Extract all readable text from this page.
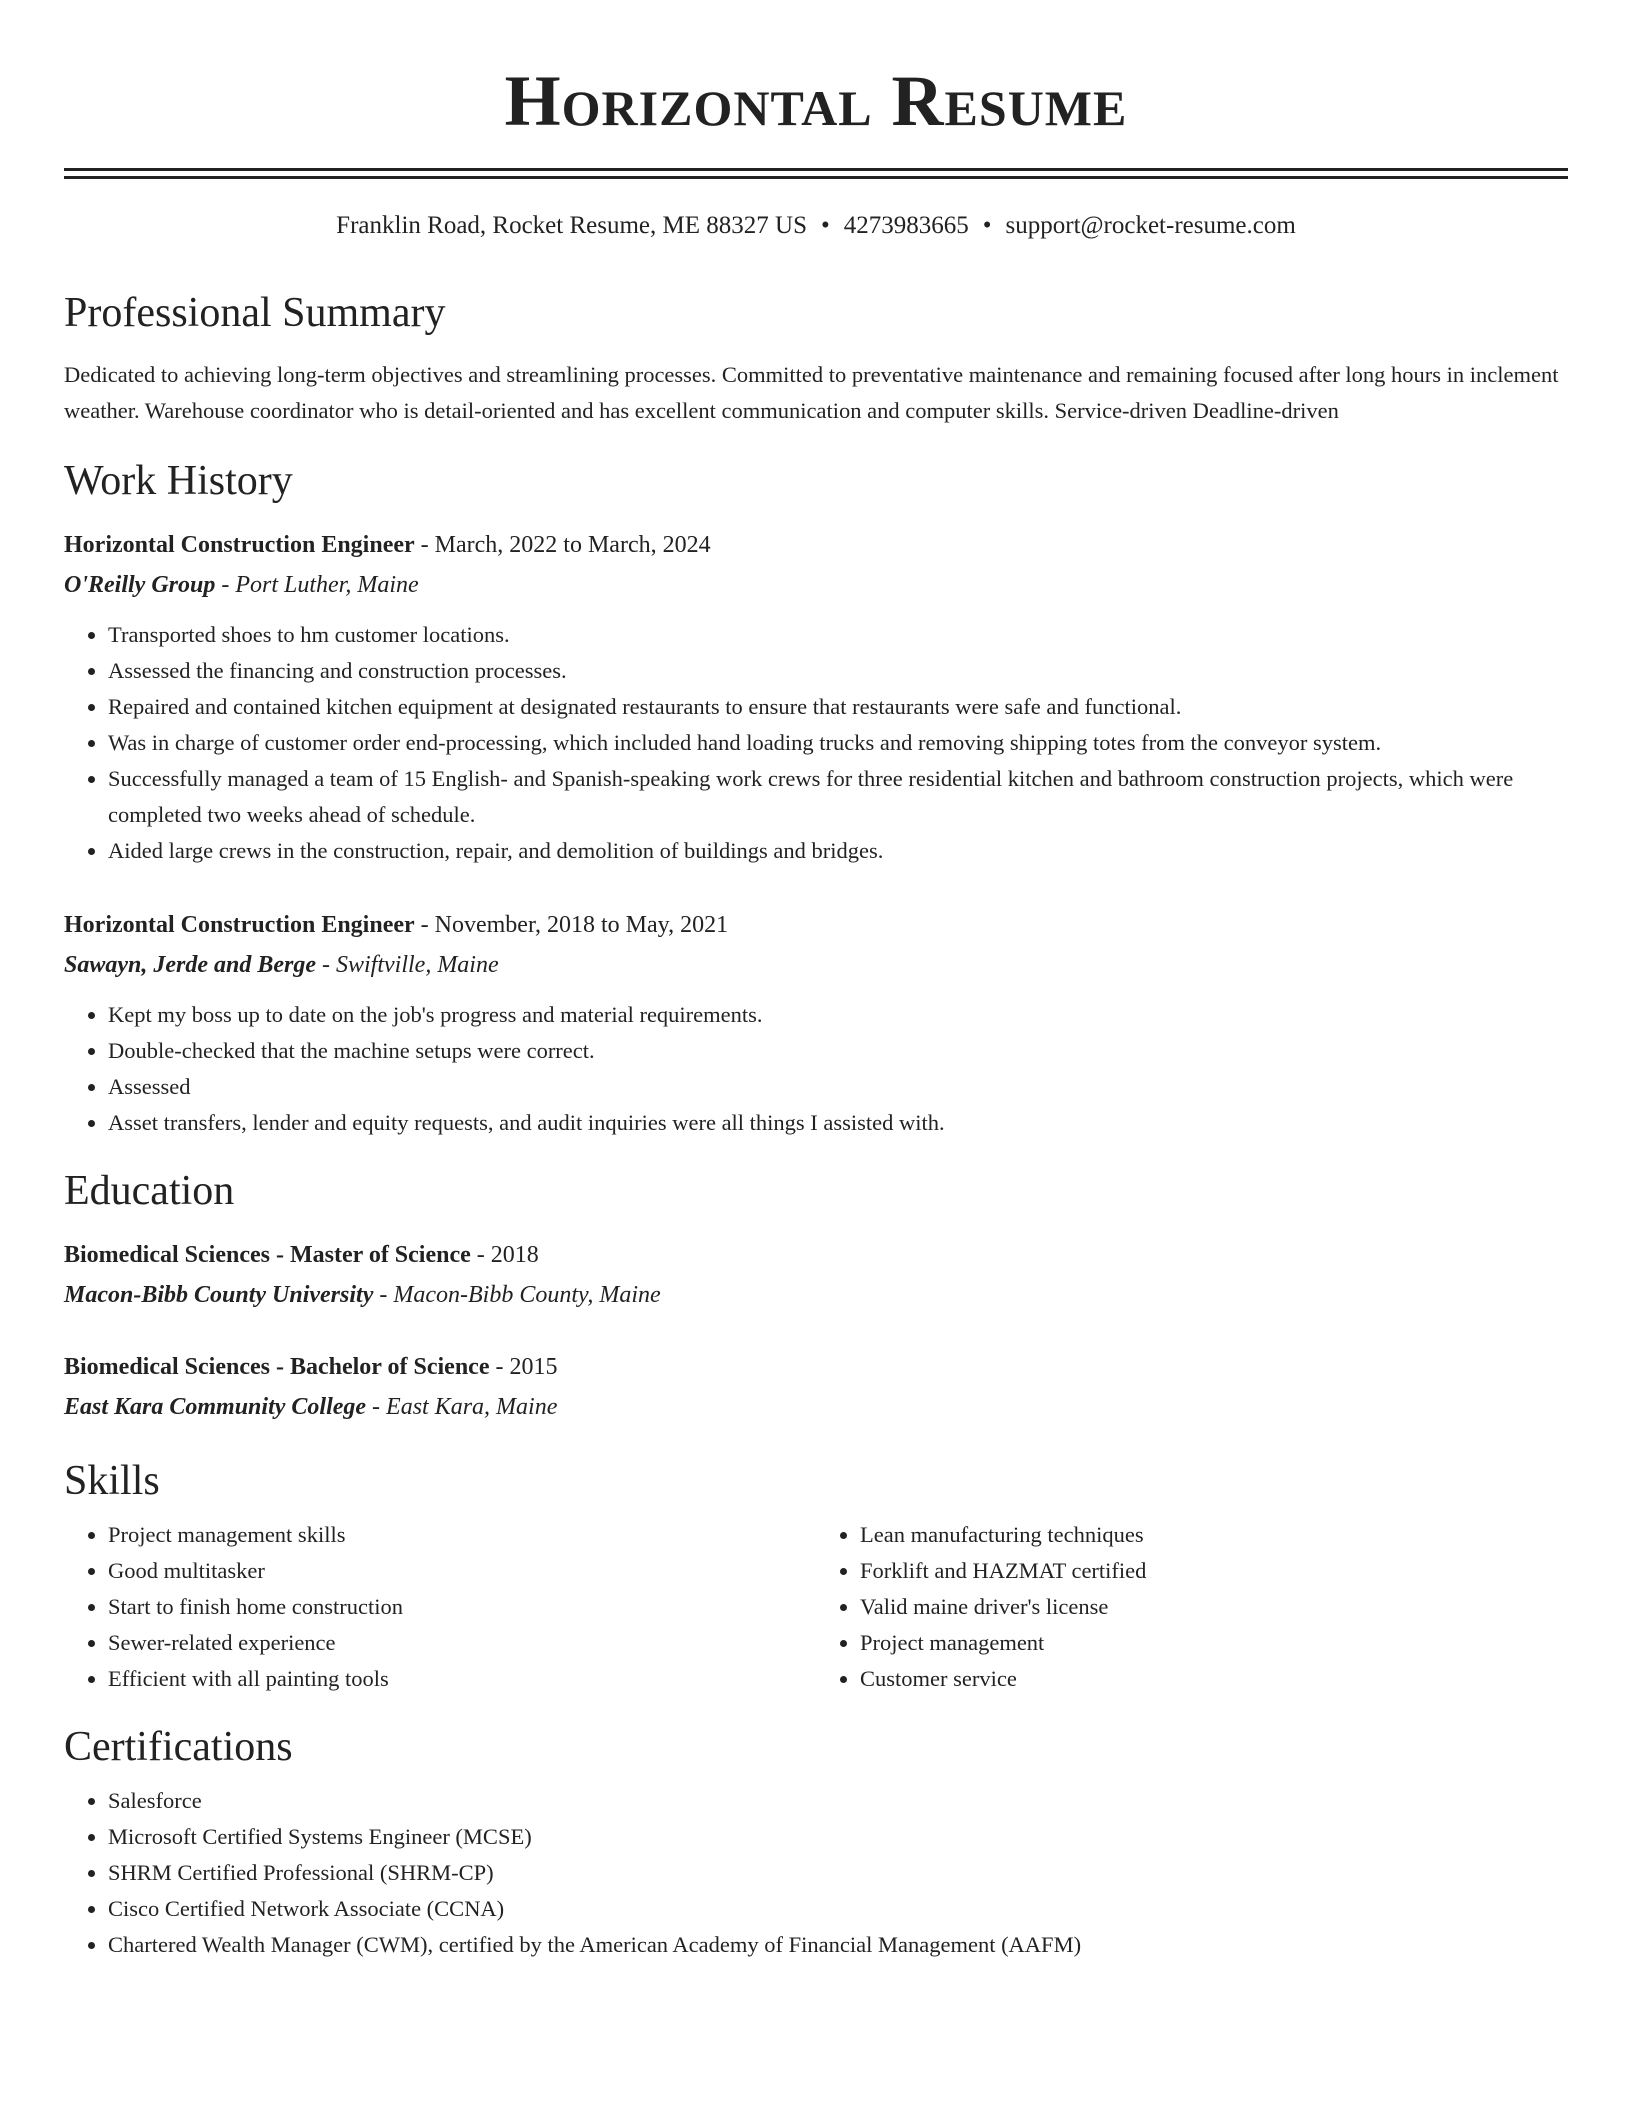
Horizontal Resume
Franklin Road, Rocket Resume, ME 88327 US • 4273983665 • support@rocket-resume.com
Professional Summary

Dedicated to achieving long-term objectives and streamlining processes. Committed to preventative maintenance and remaining focused after long hours in inclement weather. Warehouse coordinator who is detail-oriented and has excellent communication and computer skills. Service-driven Deadline-driven

Work History
Horizontal Construction Engineer - March, 2022 to March, 2024
O'Reilly Group - Port Luther, Maine
• Transported shoes to hm customer locations.
• Assessed the financing and construction processes.
• Repaired and contained kitchen equipment at designated restaurants to ensure that restaurants were safe and functional.
• Was in charge of customer order end-processing, which included hand loading trucks and removing shipping totes from the conveyor system.
• Successfully managed a team of 15 English- and Spanish-speaking work crews for three residential kitchen and bathroom construction projects, which were completed two weeks ahead of schedule.
• Aided large crews in the construction, repair, and demolition of buildings and bridges.
Horizontal Construction Engineer - November, 2018 to May, 2021
Sawayn, Jerde and Berge - Swiftville, Maine
• Kept my boss up to date on the job's progress and material requirements.
• Double-checked that the machine setups were correct.
• Assessed
• Asset transfers, lender and equity requests, and audit inquiries were all things I assisted with.
Education
Biomedical Sciences - Master of Science - 2018
Macon-Bibb County University - Macon-Bibb County, Maine
Biomedical Sciences - Bachelor of Science - 2015
East Kara Community College - East Kara, Maine
Skills
• Project management skills
• Good multitasker
• Start to finish home construction
• Sewer-related experience
• Efficient with all painting tools
• Lean manufacturing techniques
• Forklift and HAZMAT certified
• Valid maine driver's license
• Project management
• Customer service
Certifications
• Salesforce
• Microsoft Certified Systems Engineer (MCSE)
• SHRM Certified Professional (SHRM-CP)
• Cisco Certified Network Associate (CCNA)
• Chartered Wealth Manager (CWM), certified by the American Academy of Financial Management (AAFM)
